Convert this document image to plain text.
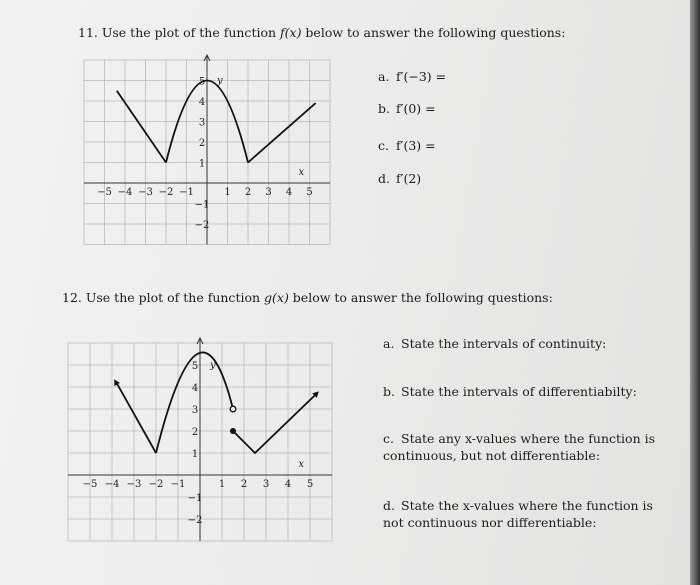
11. Use the plot of the function f(x) below to answer the following questions:
−5 −4 −3 −2 −1	1 2 3 4 5
5
4
3
2
1
−1
−2
x
y	a. f′(−3) =
b. f′(0) =
c. f′(3) =
d. f′(2)
12. Use the plot of the function g(x) below to answer the following questions:
−5 −4 −3 −2 −1	1 2 3 4 5
5
4
3
2
1
−1
−2
x
y
a. State the intervals of continuity:
b. State the intervals of differentiabilty:
c. State any x-values where the function is continuous, but not differentiable:
d. State the x-values where the function is not continuous nor differentiable:
